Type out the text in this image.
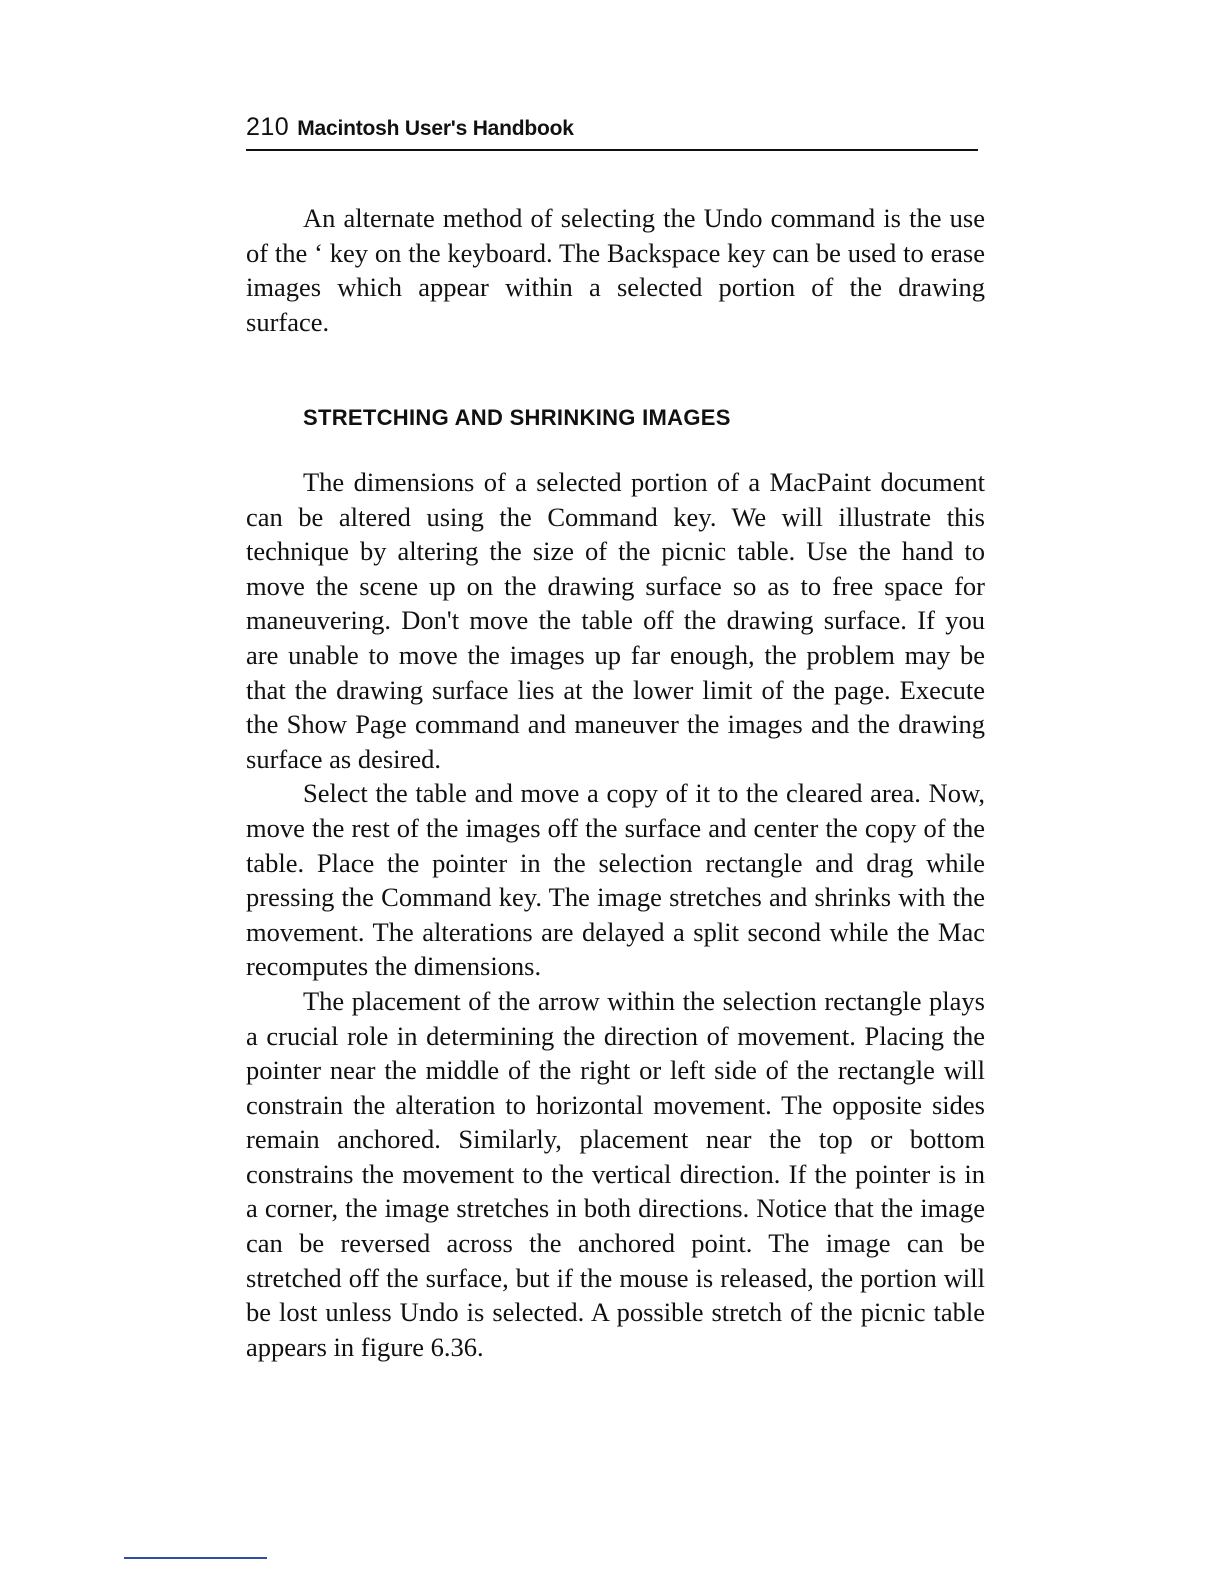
210 Macintosh User's Handbook

An alternate method of selecting the Undo command is the use of the ‘ key on the keyboard. The Backspace key can be used to erase images which appear within a selected portion of the drawing surface.

STRETCHING AND SHRINKING IMAGES

The dimensions of a selected portion of a MacPaint document can be altered using the Command key. We will illustrate this technique by altering the size of the picnic table. Use the hand to move the scene up on the drawing surface so as to free space for maneuvering. Don't move the table off the drawing surface. If you are unable to move the images up far enough, the problem may be that the drawing surface lies at the lower limit of the page. Execute the Show Page command and maneuver the images and the drawing surface as desired.

Select the table and move a copy of it to the cleared area. Now, move the rest of the images off the surface and center the copy of the table. Place the pointer in the selection rectangle and drag while pressing the Command key. The image stretches and shrinks with the movement. The alterations are delayed a split second while the Mac recomputes the dimensions.

The placement of the arrow within the selection rectangle plays a crucial role in determining the direction of movement. Placing the pointer near the middle of the right or left side of the rectangle will constrain the alteration to horizontal movement. The opposite sides remain anchored. Similarly, placement near the top or bottom constrains the movement to the vertical direction. If the pointer is in a corner, the image stretches in both directions. Notice that the image can be reversed across the anchored point. The image can be stretched off the surface, but if the mouse is released, the portion will be lost unless Undo is selected. A possible stretch of the picnic table appears in figure 6.36.
